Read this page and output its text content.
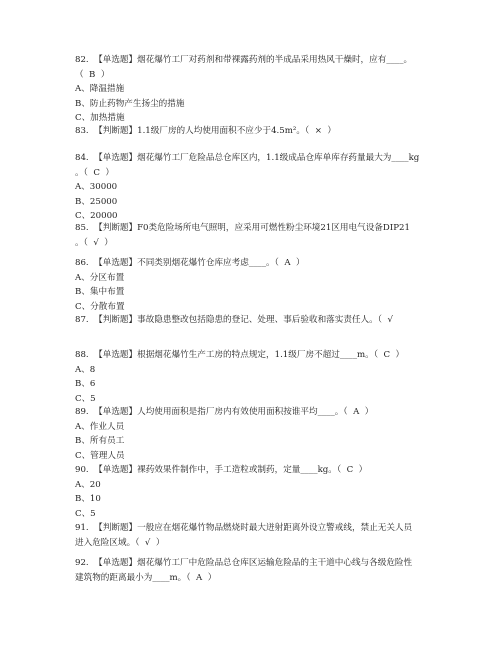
82.  【单选题】烟花爆竹工厂对药剂和带裸露药剂的半成品采用热风干燥时，应有____。
（  B  ）
A、降温措施
B、防止药物产生扬尘的措施
C、加热措施
83.  【判断题】1.1级厂房的人均使用面积不应少于4.5m²。（  ×  ）
84.  【单选题】烟花爆竹工厂危险品总仓库区内，1.1级成品仓库单库存药量最大为____kg
。（  C  ）
A、30000
B、25000
C、20000
85.  【判断题】F0类危险场所电气照明，应采用可燃性粉尘环境21区用电气设备DIP21
。（  √  ）
86.  【单选题】不同类别烟花爆竹仓库应考虑____。（  A  ）
A、分区布置
B、集中布置
C、分散布置
87.  【判断题】事故隐患整改包括隐患的登记、处理、事后验收和落实责任人。（  √
88.  【单选题】根据烟花爆竹生产工房的特点规定，1.1级厂房不超过____m。（  C  ）
A、8
B、6
C、5
89.  【单选题】人均使用面积是指厂房内有效使用面积按谁平均____。（  A  ）
A、作业人员
B、所有员工
C、管理人员
90.  【单选题】裸药效果件制作中，手工造粒或制药，定量____kg。（  C  ）
A、20
B、10
C、5
91.  【判断题】一般应在烟花爆竹物品燃烧时最大迸射距离外设立警戒线，禁止无关人员
进入危险区域。（  √  ）
92.  【单选题】烟花爆竹工厂中危险品总仓库区运输危险品的主干道中心线与各级危险性
建筑物的距离最小为____m。（  A  ）
